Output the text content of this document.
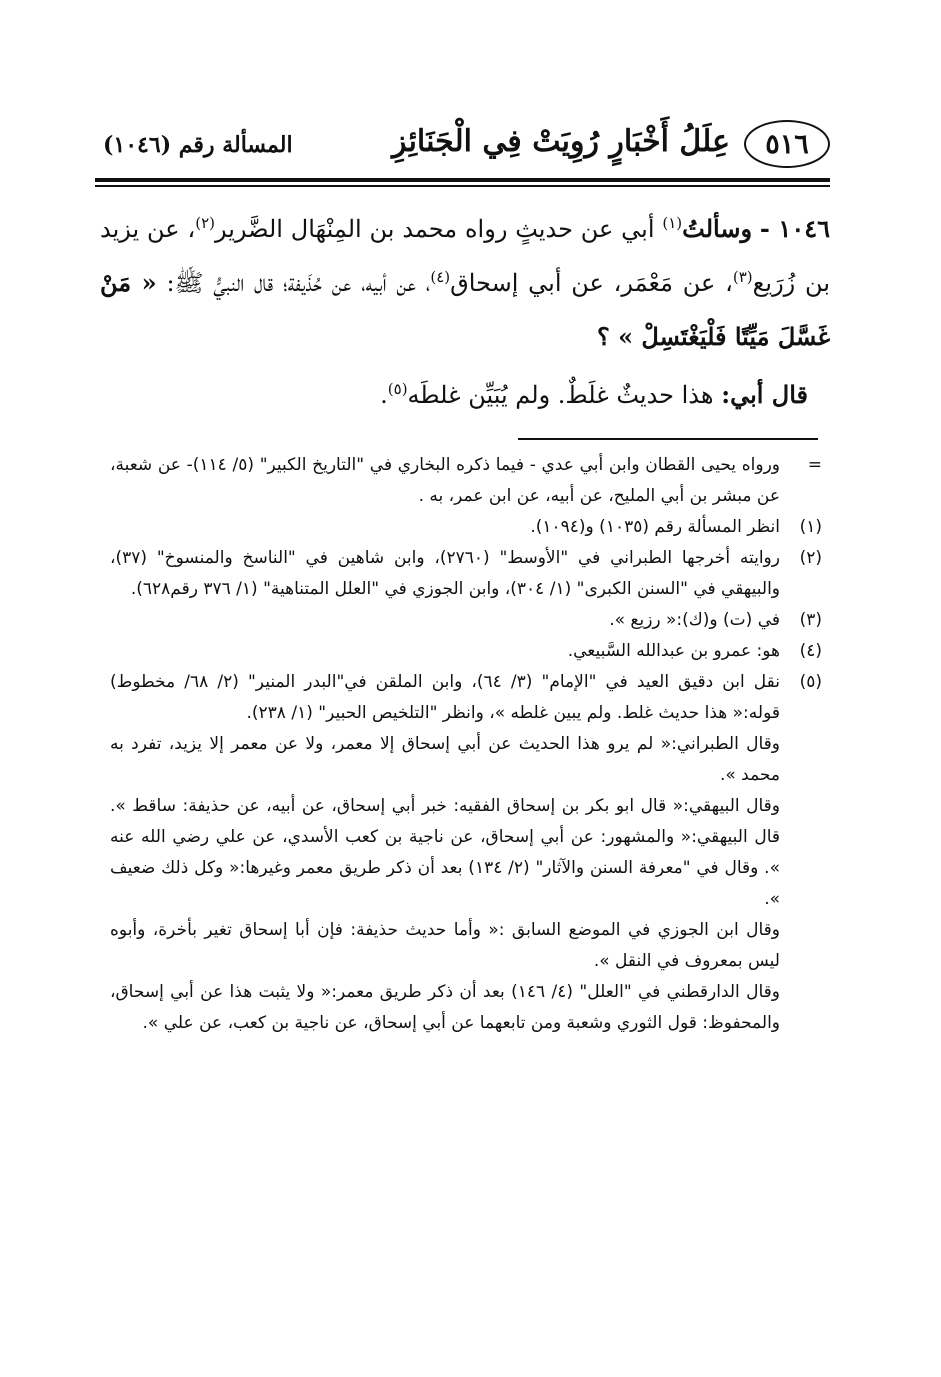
٥١٦
عِلَلُ أَخْبَارٍ رُوِيَتْ فِي الْجَنَائِزِ
المسألة رقم (١٠٤٦)

١٠٤٦ - وسألتُ$^{(١)}$ أبي عن حديثٍ رواه محمد بن المِنْهَال الضَّرير$^{(٢)}$، عن يزيد بن زُرَيع$^{(٣)}$، عن مَعْمَر، عن أبي إسحاق$^{(٤)}$، عن أبيه، عن حُذَيفة؛ قال النبيُّ ﷺ: « مَنْ غَسَّلَ مَيِّتًا فَلْيَغْتَسِلْ » ؟

قال أبي: هذا حديثٌ غلَطٌ. ولم يُبَيِّن غلطَه$^{(٥)}$.

=
ورواه يحيى القطان وابن أبي عدي - فيما ذكره البخاري في "التاريخ الكبير" (٥/ ١١٤)- عن شعبة، عن مبشر بن أبي المليح، عن أبيه، عن ابن عمر، به .
(١)
انظر المسألة رقم (١٠٣٥) و(١٠٩٤).
(٢)
روايته أخرجها الطبراني في "الأوسط" (٢٧٦٠)، وابن شاهين في "الناسخ والمنسوخ" (٣٧)، والبيهقي في "السنن الكبرى" (١/ ٣٠٤)، وابن الجوزي في "العلل المتناهية" (١/ ٣٧٦ رقم٦٢٨).
(٣)
في (ت) و(ك):« رزيع ».
(٤)
هو: عمرو بن عبدالله السَّبيعي.
(٥)
نقل ابن دقيق العيد في "الإمام" (٣/ ٦٤)، وابن الملقن في"البدر المنير" (٢/ ٦٨/ مخطوط) قوله:« هذا حديث غلط. ولم يبين غلطه »، وانظر "التلخيص الحبير" (١/ ٢٣٨).
وقال الطبراني:« لم يرو هذا الحديث عن أبي إسحاق إلا معمر، ولا عن معمر إلا يزيد، تفرد به محمد ».
وقال البيهقي:« قال ابو بكر بن إسحاق الفقيه: خبر أبي إسحاق، عن أبيه، عن حذيفة: ساقط ». قال البيهقي:« والمشهور: عن أبي إسحاق، عن ناجية بن كعب الأسدي، عن علي رضي الله عنه ». وقال في "معرفة السنن والآثار" (٢/ ١٣٤) بعد أن ذكر طريق معمر وغيرها:« وكل ذلك ضعيف ».
وقال ابن الجوزي في الموضع السابق :« وأما حديث حذيفة: فإن أبا إسحاق تغير بأخرة، وأبوه ليس بمعروف في النقل ».
وقال الدارقطني في "العلل" (٤/ ١٤٦) بعد أن ذكر طريق معمر:« ولا يثبت هذا عن أبي إسحاق، والمحفوظ: قول الثوري وشعبة ومن تابعهما عن أبي إسحاق، عن ناجية بن كعب، عن علي ».
